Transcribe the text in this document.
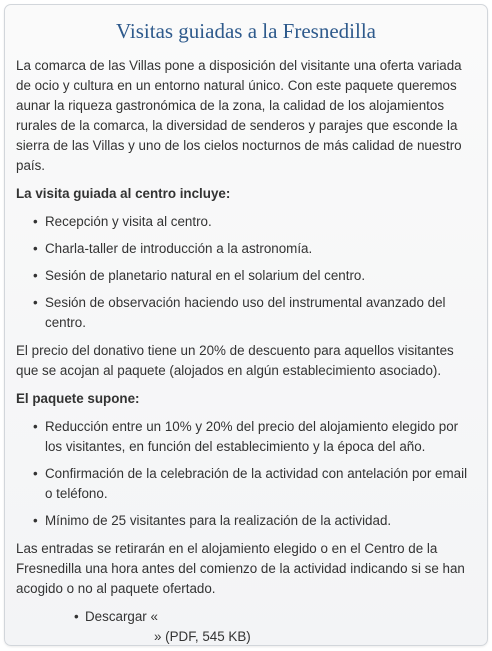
Visitas guiadas a la Fresnedilla

La comarca de las Villas pone a disposición del visitante una oferta variada de ocio y cultura en un entorno natural único. Con este paquete queremos aunar la riqueza gastronómica de la zona, la calidad de los alojamientos rurales de la comarca, la diversidad de senderos y parajes que esconde la sierra de las Villas y uno de los cielos nocturnos de más calidad de nuestro país.

La visita guiada al centro incluye:
• Recepción y visita al centro.
• Charla-taller de introducción a la astronomía.
• Sesión de planetario natural en el solarium del centro.
• Sesión de observación haciendo uso del instrumental avanzado del centro.

El precio del donativo tiene un 20% de descuento para aquellos visitantes que se acojan al paquete (alojados en algún establecimiento asociado).

El paquete supone:
• Reducción entre un 10% y 20% del precio del alojamiento elegido por los visitantes, en función del establecimiento y la época del año.
• Confirmación de la celebración de la actividad con antelación por email o teléfono.
• Mínimo de 25 visitantes para la realización de la actividad.

Las entradas se retirarán en el alojamiento elegido o en el Centro de la Fresnedilla una hora antes del comienzo de la actividad indicando si se han acogido o no al paquete ofertado.

• Descargar «
» (PDF, 545 KB)
